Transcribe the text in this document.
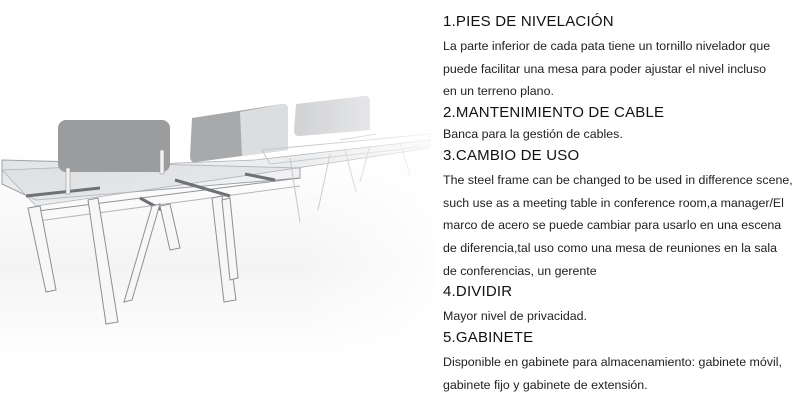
1.PIES DE NIVELACIÓN

La parte inferior de cada pata tiene un tornillo nivelador que
puede facilitar una mesa para poder ajustar el nivel incluso
en un terreno plano.

2.MANTENIMIENTO DE CABLE

Banca para la gestión de cables.

3.CAMBIO DE USO

The steel frame can be changed to be used in difference scene,
such use as a meeting table in conference room,a manager/El
marco de acero se puede cambiar para usarlo en una escena
de diferencia,tal uso como una mesa de reuniones en la sala
de conferencias, un gerente

4.DIVIDIR

Mayor nivel de privacidad.

5.GABINETE

Disponible en gabinete para almacenamiento: gabinete móvil,
gabinete fijo y gabinete de extensión.
